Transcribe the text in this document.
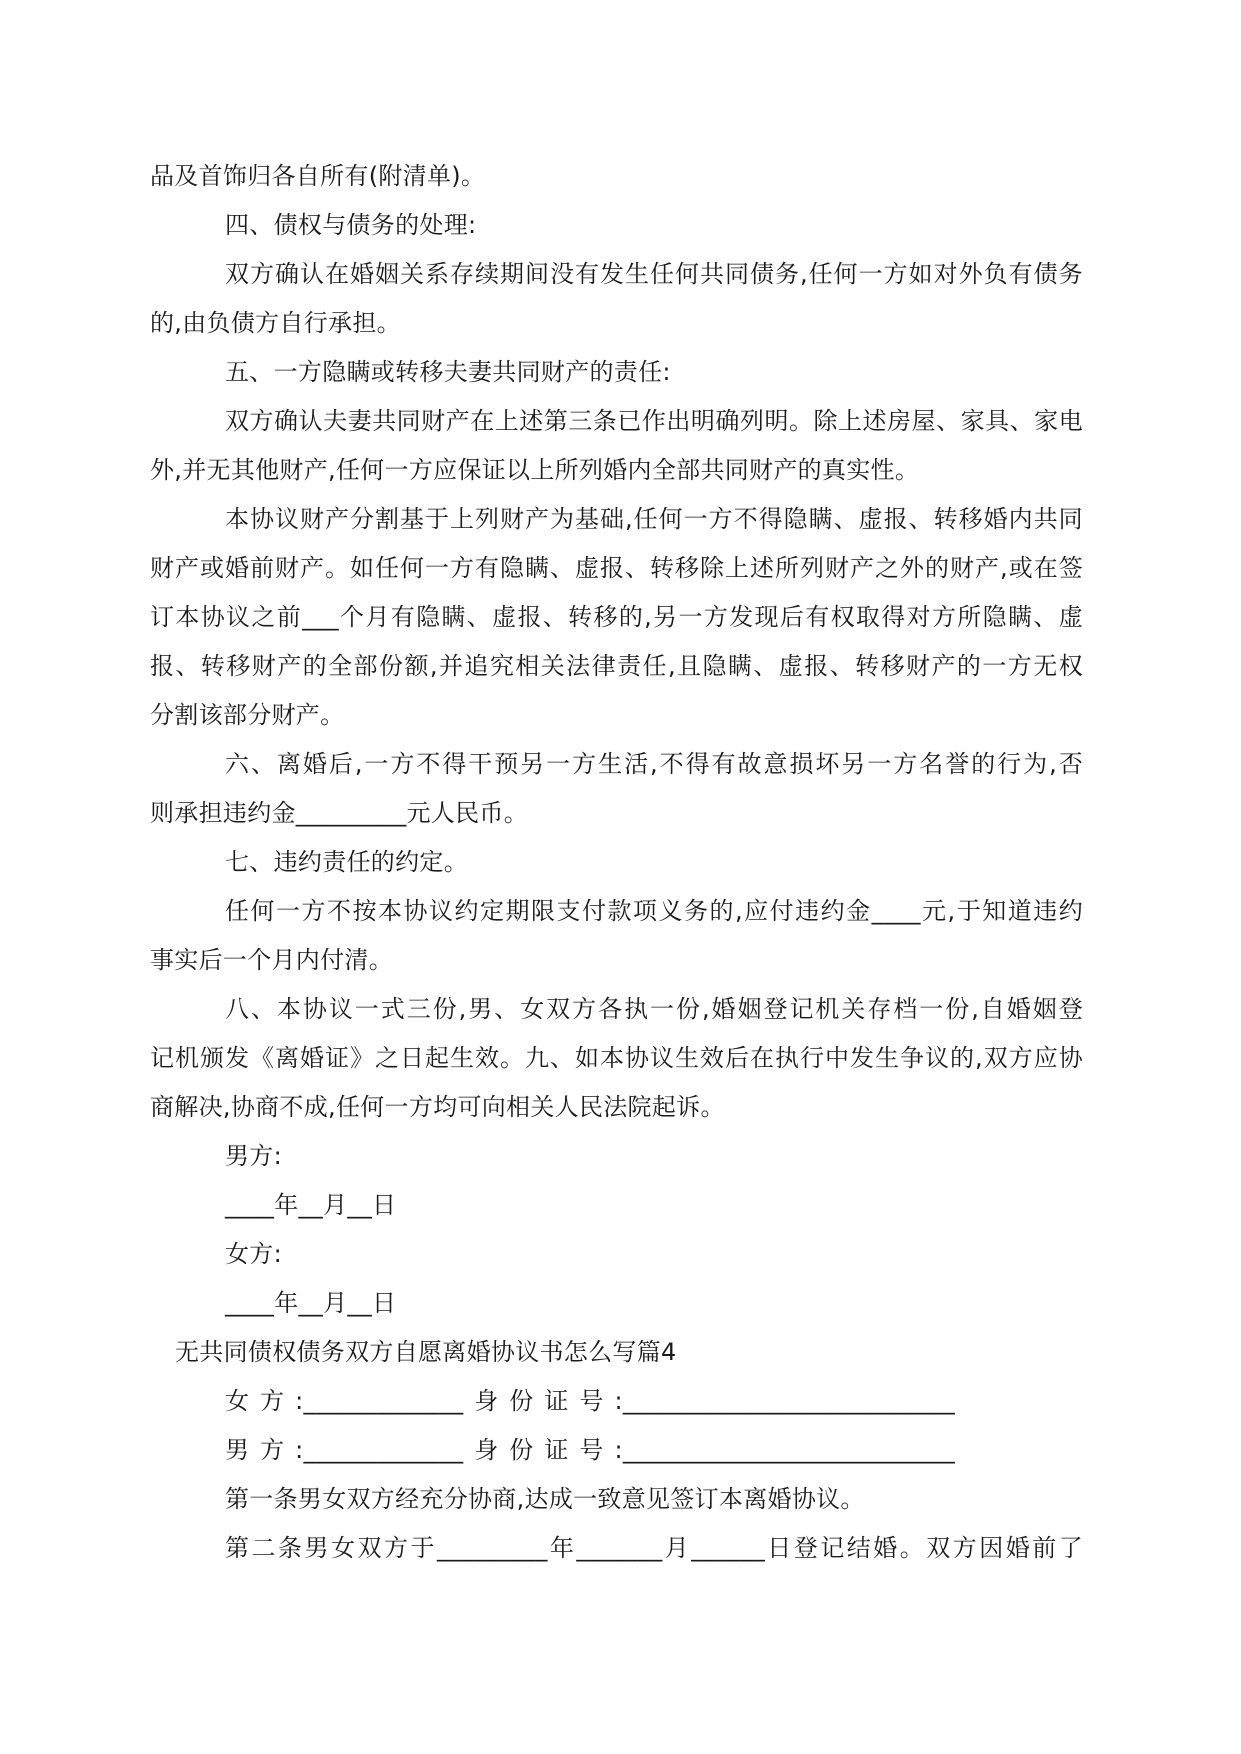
品及首饰归各自所有(附清单)。

四、债权与债务的处理:

双方确认在婚姻关系存续期间没有发生任何共同债务,任何一方如对外负有债务

的,由负债方自行承担。

五、一方隐瞒或转移夫妻共同财产的责任:

双方确认夫妻共同财产在上述第三条已作出明确列明。除上述房屋、家具、家电

外,并无其他财产,任何一方应保证以上所列婚内全部共同财产的真实性。

本协议财产分割基于上列财产为基础,任何一方不得隐瞒、虚报、转移婚内共同

财产或婚前财产。如任何一方有隐瞒、虚报、转移除上述所列财产之外的财产,或在签

订本协议之前___个月有隐瞒、虚报、转移的,另一方发现后有权取得对方所隐瞒、虚

报、转移财产的全部份额,并追究相关法律责任,且隐瞒、虚报、转移财产的一方无权

分割该部分财产。

六、离婚后,一方不得干预另一方生活,不得有故意损坏另一方名誉的行为,否

则承担违约金_________元人民币。

七、违约责任的约定。

任何一方不按本协议约定期限支付款项义务的,应付违约金____元,于知道违约

事实后一个月内付清。

八、本协议一式三份,男、女双方各执一份,婚姻登记机关存档一份,自婚姻登

记机颁发《离婚证》之日起生效。九、如本协议生效后在执行中发生争议的,双方应协

商解决,协商不成,任何一方均可向相关人民法院起诉。

男方:

____年__月__日

女方:

____年__月__日

无共同债权债务双方自愿离婚协议书怎么写篇4

女方:_____________身份证号:___________________________

男方:_____________身份证号:___________________________

第一条男女双方经充分协商,达成一致意见签订本离婚协议。

第二条男女双方于_________年_______月______日登记结婚。双方因婚前了
